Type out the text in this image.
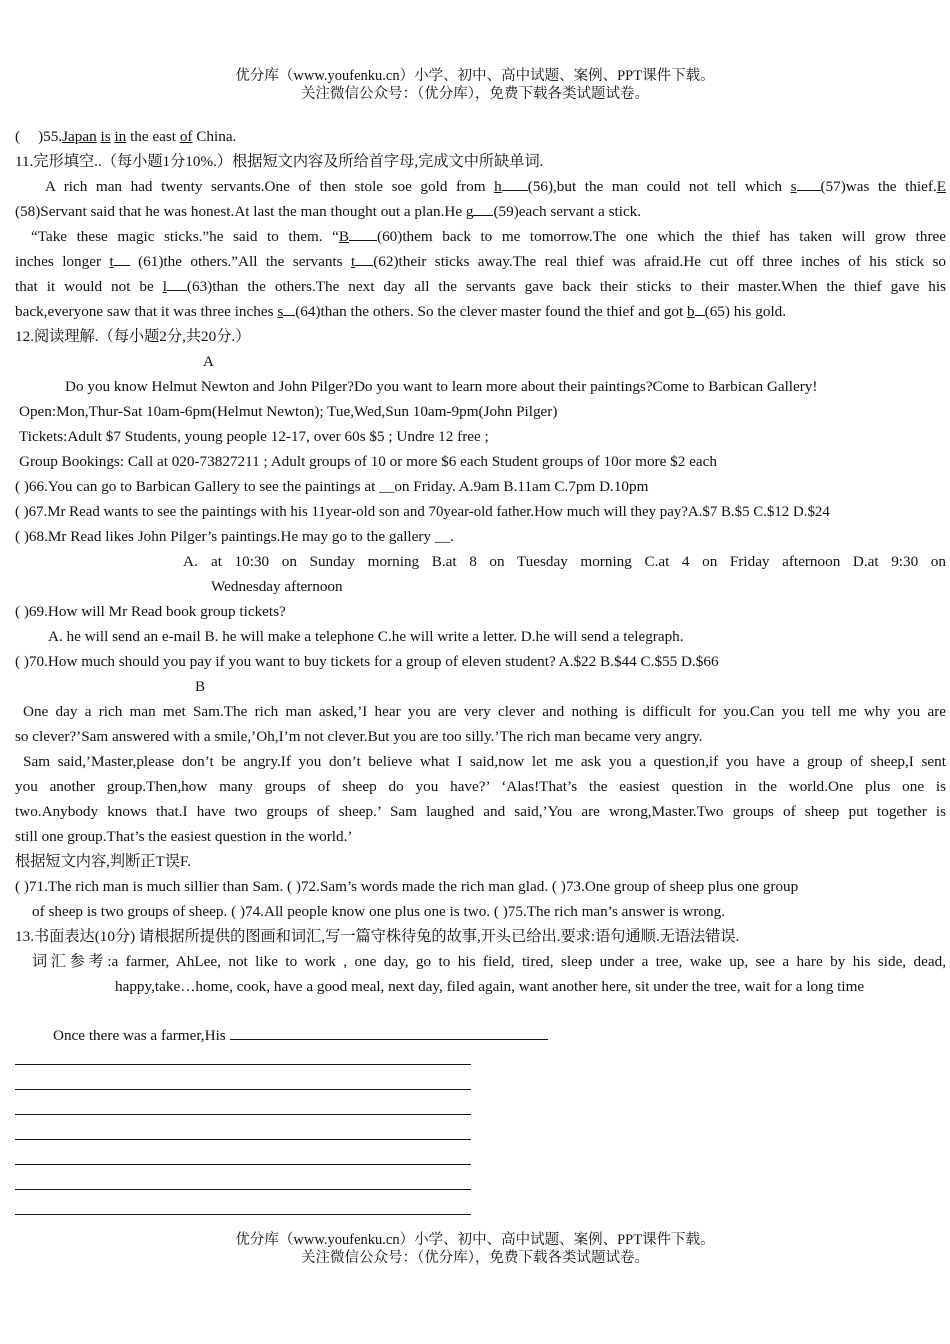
优分库（www.youfenku.cn）小学、初中、高中试题、案例、PPT课件下载。
关注微信公众号：（优分库），免费下载各类试题试卷。
( )55.Japan is in the east of China.
11.完形填空..（每小题1分10%.）根据短文内容及所给首字母,完成文中所缺单词.
A rich man had twenty servants.One of then stole soe gold from h (56),but the man could not tell which s (57)was the thief.E
(58)Servant said that he was honest.At last the man thought out a plan.He g (59)each servant a stick.
“Take these magic sticks.”he said to them. “B (60)them back to me tomorrow.The one which the thief has taken will grow three
inches longer t (61)the others.”All the servants t (62)their sticks away.The real thief was afraid.He cut off three inches of his stick so
that it would not be l (63)than the others.The next day all the servants gave back their sticks to their master.When the thief gave his
back,everyone saw that it was three inches s (64)than the others. So the clever master found the thief and got b (65) his gold.
12.阅读理解.（每小题2分,共20分.）
A
Do you know Helmut Newton and John Pilger?Do you want to learn more about their paintings?Come to Barbican Gallery!
Open:Mon,Thur-Sat 10am-6pm(Helmut Newton); Tue,Wed,Sun 10am-9pm(John Pilger)
Tickets:Adult $7 Students, young people 12-17, over 60s $5 ; Undre 12 free ;
Group Bookings: Call at 020-73827211 ; Adult groups of 10 or more $6 each Student groups of 10or more $2 each
( )66.You can go to Barbican Gallery to see the paintings at __on Friday. A.9am B.11am C.7pm D.10pm
( )67.Mr Read wants to see the paintings with his 11year-old son and 70year-old father.How much will they pay?A.$7 B.$5 C.$12 D.$24
( )68.Mr Read likes John Pilger’s paintings.He may go to the gallery __.
A. at 10:30 on Sunday morning B.at 8 on Tuesday morning C.at 4 on Friday afternoon D.at 9:30 on
Wednesday afternoon
( )69.How will Mr Read book group tickets?
A. he will send an e-mail B. he will make a telephone C.he will write a letter. D.he will send a telegraph.
( )70.How much should you pay if you want to buy tickets for a group of eleven student? A.$22 B.$44 C.$55 D.$66
B
One day a rich man met Sam.The rich man asked,’I hear you are very clever and nothing is difficult for you.Can you tell me why you are
so clever?’Sam answered with a smile,’Oh,I’m not clever.But you are too silly.’The rich man became very angry.
Sam said,’Master,please don’t be angry.If you don’t believe what I said,now let me ask you a question,if you have a group of sheep,I sent
you another group.Then,how many groups of sheep do you have?’ ‘Alas!That’s the easiest question in the world.One plus one is
two.Anybody knows that.I have two groups of sheep.’ Sam laughed and said,’You are wrong,Master.Two groups of sheep put together is
still one group.That’s the easiest question in the world.’
根据短文内容,判断正T误F.
( )71.The rich man is much sillier than Sam. ( )72.Sam’s words made the rich man glad. ( )73.One group of sheep plus one group
of sheep is two groups of sheep. ( )74.All people know one plus one is two. ( )75.The rich man’s answer is wrong.
13.书面表达(10分) 请根据所提供的图画和词汇,写一篇守株待兔的故事,开头已给出.要求:语句通顺.无语法错误.
词汇参考:a farmer, AhLee, not like to work , one day, go to his field, tired, sleep under a tree, wake up, see a hare by his side, dead,
happy,take…home, cook, have a good meal, next day, filed again, want another here, sit under the tree, wait for a long time
Once there was a farmer,His
优分库（www.youfenku.cn）小学、初中、高中试题、案例、PPT课件下载。
关注微信公众号：（优分库），免费下载各类试题试卷。
